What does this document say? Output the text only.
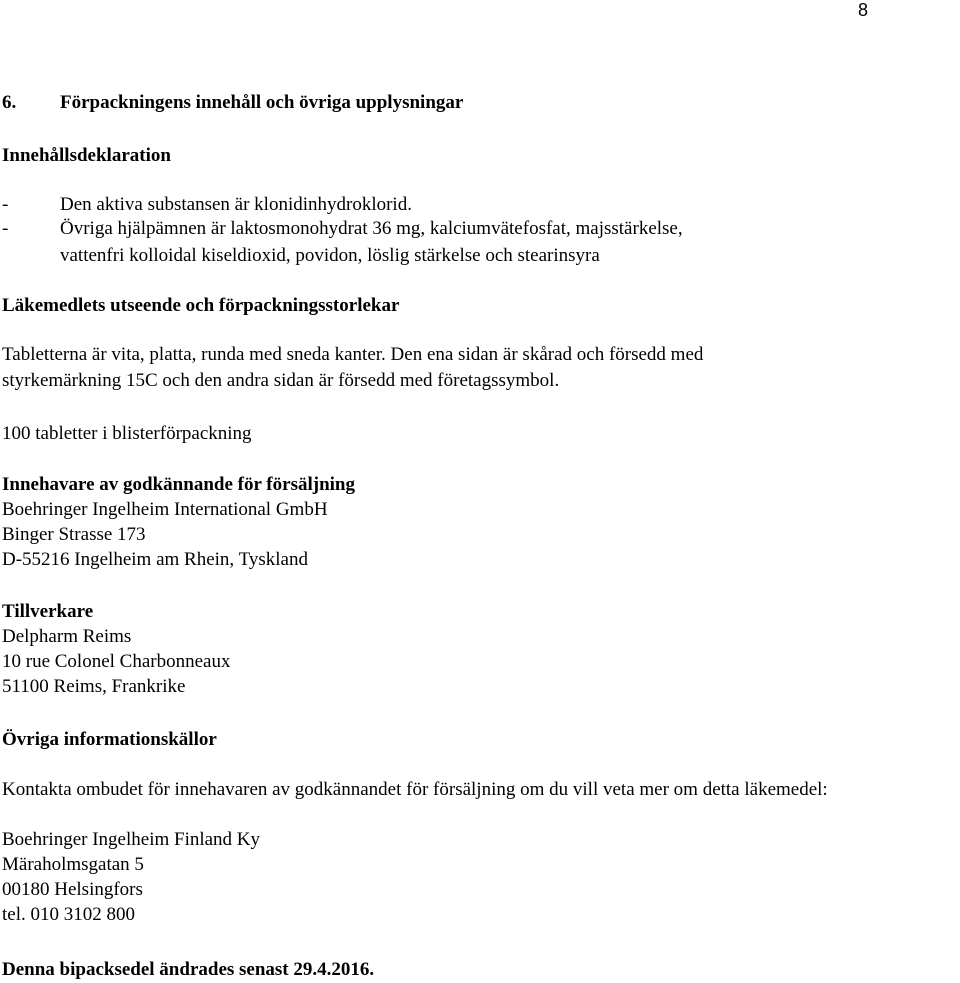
8
6. Förpackningens innehåll och övriga upplysningar
Innehållsdeklaration
-	Den aktiva substansen är klonidinhydroklorid.
-	Övriga hjälpämnen är laktosmonohydrat 36 mg, kalciumvätefosfat, majsstärkelse,
vattenfri kolloidal kiseldioxid, povidon, löslig stärkelse och stearinsyra
Läkemedlets utseende och förpackningsstorlekar
Tabletterna är vita, platta, runda med sneda kanter. Den ena sidan är skårad och försedd med
styrkemärkning 15C och den andra sidan är försedd med företagssymbol.
100 tabletter i blisterförpackning
Innehavare av godkännande för försäljning
Boehringer Ingelheim International GmbH
Binger Strasse 173
D-55216 Ingelheim am Rhein, Tyskland
Tillverkare
Delpharm Reims
10 rue Colonel Charbonneaux
51100 Reims, Frankrike
Övriga informationskällor
Kontakta ombudet för innehavaren av godkännandet för försäljning om du vill veta mer om detta läkemedel:
Boehringer Ingelheim Finland Ky
Märaholmsgatan 5
00180 Helsingfors
tel. 010 3102 800
Denna bipacksedel ändrades senast 29.4.2016.
